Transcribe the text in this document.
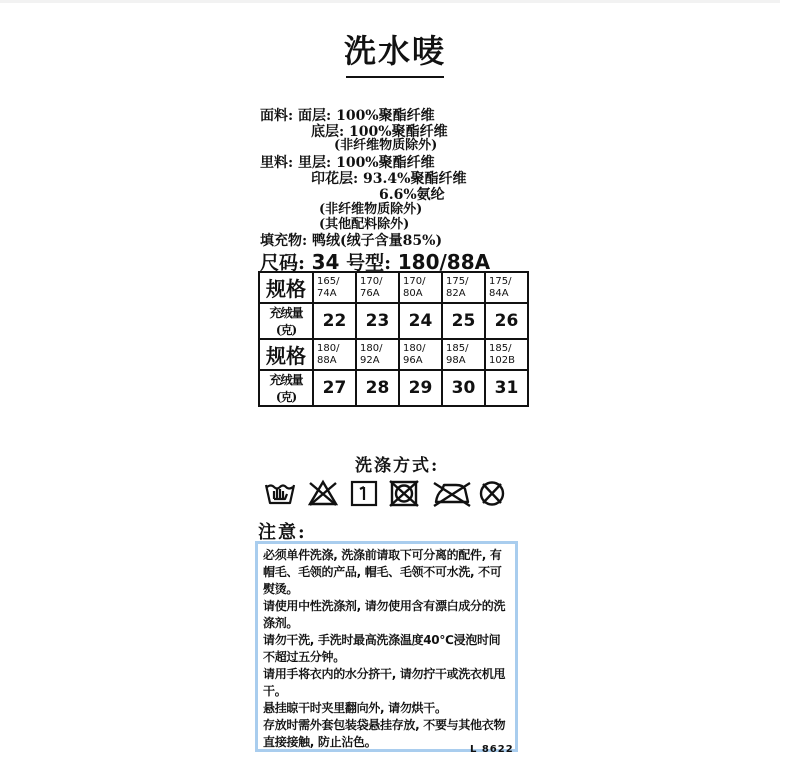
洗水唛
面料: 面层: 100%聚酯纤维
底层: 100%聚酯纤维
(非纤维物质除外)
里料: 里层: 100%聚酯纤维
印花层: 93.4%聚酯纤维
6.6%氨纶
(非纤维物质除外)
(其他配料除外)
填充物: 鸭绒(绒子含量85%)
尺码: 34 号型: 180/88A
规格	165/ 74A	170/ 76A	170/ 80A	175/ 82A	175/ 84A
充绒量(克)	22	23	24	25	26
规格	180/ 88A	180/ 92A	180/ 96A	185/ 98A	185/ 102B
充绒量(克)	27	28	29	30	31
洗涤方式:
注意:

必须单件洗涤, 洗涤前请取下可分离的配件, 有帽毛、毛领的产品, 帽毛、毛领不可水洗, 不可熨烫。

请使用中性洗涤剂, 请勿使用含有漂白成分的洗涤剂。

请勿干洗, 手洗时最高洗涤温度40℃浸泡时间不超过五分钟。

请用手将衣内的水分挤干, 请勿拧干或洗衣机甩干。

悬挂晾干时夹里翻向外, 请勿烘干。

存放时需外套包装袋悬挂存放, 不要与其他衣物直接接触, 防止沾色。

L 8622
